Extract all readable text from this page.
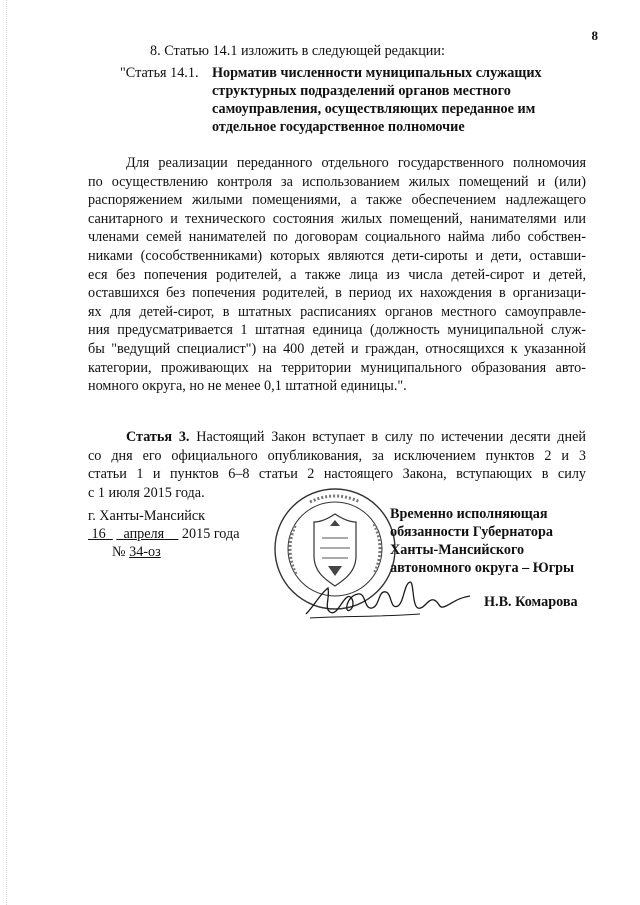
8
8. Статью 14.1 изложить в следующей редакции:
"Статья 14.1. Норматив численности муниципальных служащих
структурных подразделений органов местного
самоуправления, осуществляющих переданное им
отдельное государственное полномочие
Для реализации переданного отдельного государственного полномочия
по осуществлению контроля за использованием жилых помещений и (или)
распоряжением жилыми помещениями, а также обеспечением надлежащего
санитарного и технического состояния жилых помещений, нанимателями или
членами семей нанимателей по договорам социального найма либо собствен-
никами (сособственниками) которых являются дети-сироты и дети, оставши-
еся без попечения родителей, а также лица из числа детей-сирот и детей,
оставшихся без попечения родителей, в период их нахождения в организаци-
ях для детей-сирот, в штатных расписаниях органов местного самоуправле-
ния предусматривается 1 штатная единица (должность муниципальной служ-
бы "ведущий специалист") на 400 детей и граждан, относящихся к указанной
категории, проживающих на территории муниципального образования авто-
номного округа, но не менее 0,1 штатной единицы.".
Статья 3. Настоящий Закон вступает в силу по истечении десяти дней
со дня его официального опубликования, за исключением пунктов 2 и 3
статьи 1 и пунктов 6–8 статьи 2 настоящего Закона, вступающих в силу
с 1 июля 2015 года.
г. Ханты-Мансийск
16 апреля 2015 года
№ 34-оз
Временно исполняющая
обязанности Губернатора
Ханты-Мансийского
автономного округа – Югры
Н.В. Комарова
